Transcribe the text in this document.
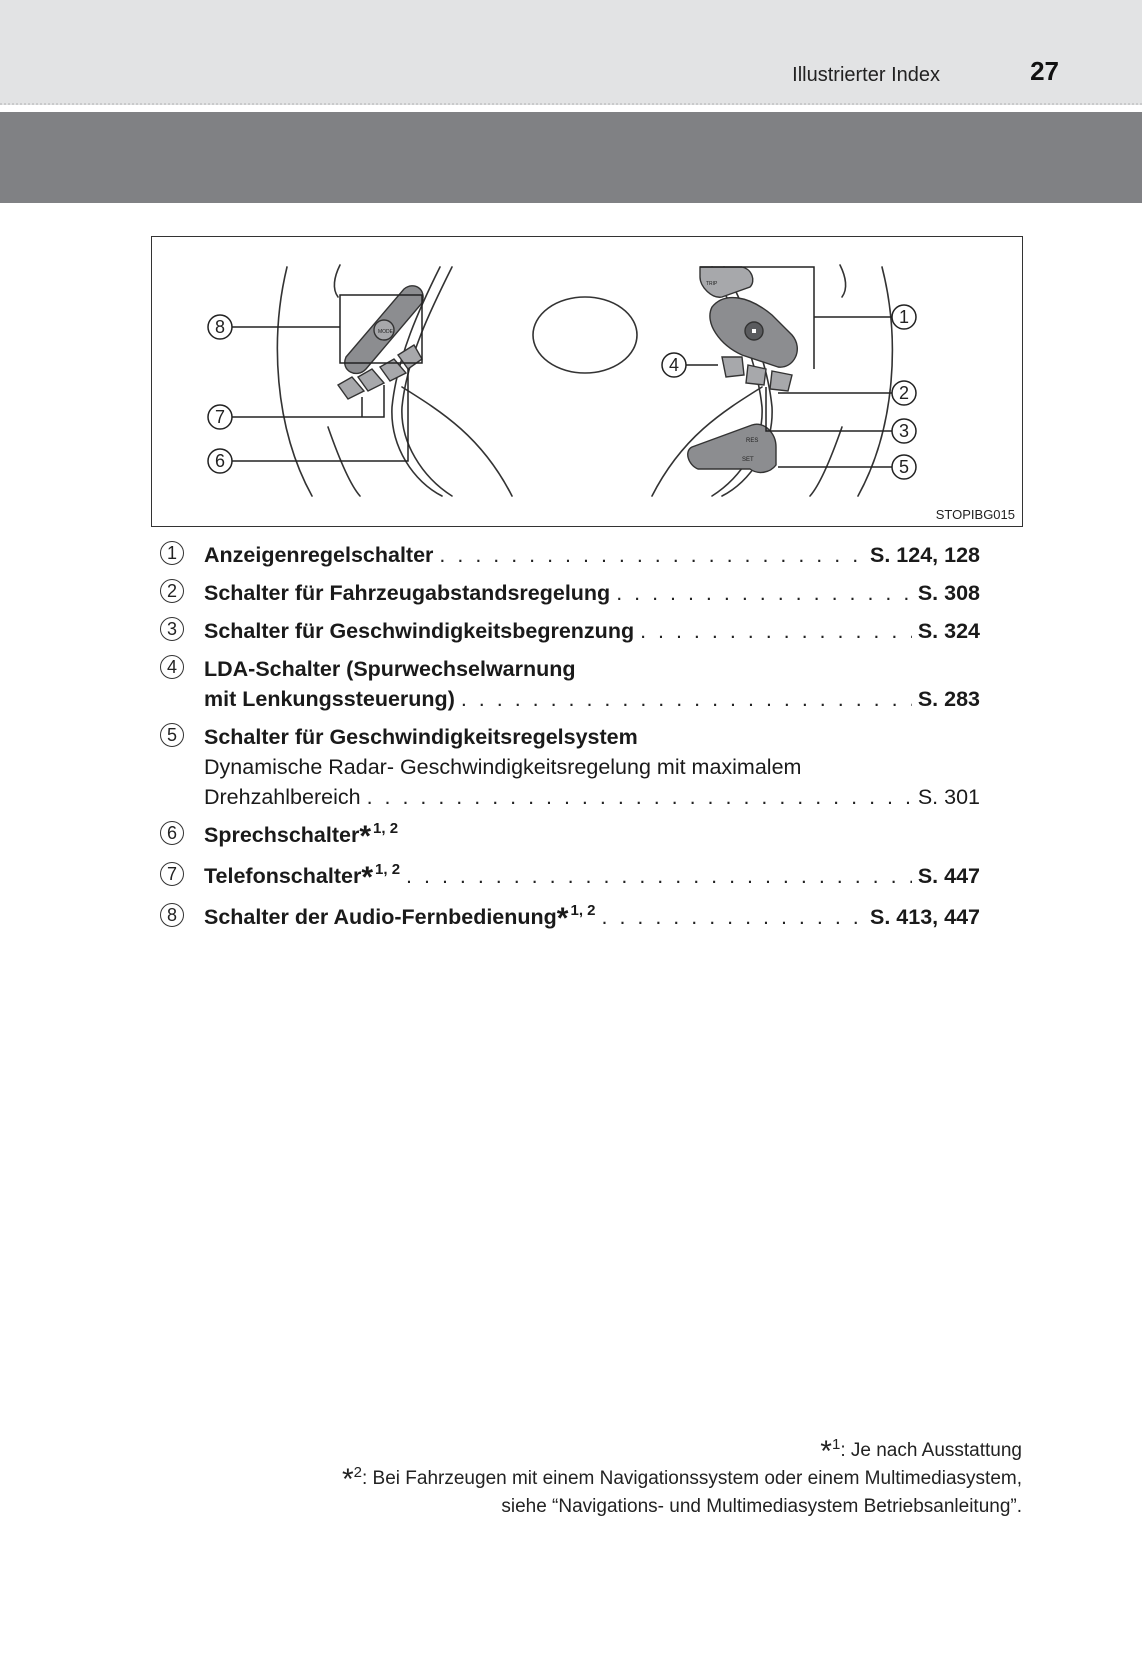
Illustrierter Index	27
MODE
TRIP
RES
SET
8
7
6
4
1
2
3
5
STOPIBG015
1	Anzeigenregelschalter . . .	S. 124, 128
2	Schalter für Fahrzeugabstandsregelung . . .	S. 308
3	Schalter für Geschwindigkeitsbegrenzung . . .	S. 324
4	LDA-Schalter (Spurwechselwarnung
mit Lenkungssteuerung) . . .	S. 283
5	Schalter für Geschwindigkeitsregelsystem
Dynamische Radar- Geschwindigkeitsregelung mit maximalem
Drehzahlbereich . . .	S. 301
6	Sprechschalter * 1, 2
7	Telefonschalter * 1, 2 . . .	S. 447
8	Schalter der Audio-Fernbedienung * 1, 2 . . .	S. 413, 447
*$^1$: Je nach Ausstattung
*$^2$: Bei Fahrzeugen mit einem Navigationssystem oder einem Multimediasystem,
siehe “Navigations- und Multimediasystem Betriebsanleitung”.
